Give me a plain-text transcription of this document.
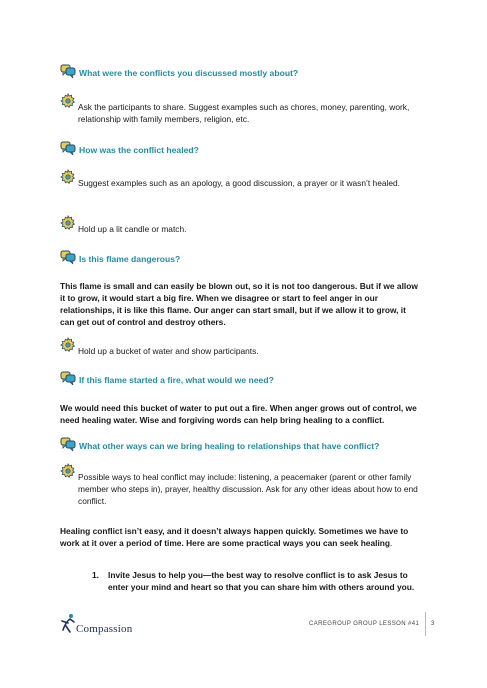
What were the conflicts you discussed mostly about?
Ask the participants to share. Suggest examples such as chores, money, parenting, work, relationship with family members, religion, etc.
How was the conflict healed?
Suggest examples such as an apology, a good discussion, a prayer or it wasn’t healed.
Hold up a lit candle or match.
Is this flame dangerous?
This flame is small and can easily be blown out, so it is not too dangerous. But if we allow it to grow, it would start a big fire. When we disagree or start to feel anger in our relationships, it is like this flame. Our anger can start small, but if we allow it to grow, it can get out of control and destroy others.
Hold up a bucket of water and show participants.
If this flame started a fire, what would we need?
We would need this bucket of water to put out a fire. When anger grows out of control, we need healing water. Wise and forgiving words can help bring healing to a conflict.
What other ways can we bring healing to relationships that have conflict?
Possible ways to heal conflict may include: listening, a peacemaker (parent or other family member who steps in), prayer, healthy discussion. Ask for any other ideas about how to end conflict.
Healing conflict isn’t easy, and it doesn’t always happen quickly. Sometimes we have to work at it over a period of time. Here are some practical ways you can seek healing.
1.	Invite Jesus to help you—the best way to resolve conflict is to ask Jesus to enter your mind and heart so that you can share him with others around you.
Compassion	CAREGROUP GROUP LESSON #41 3
